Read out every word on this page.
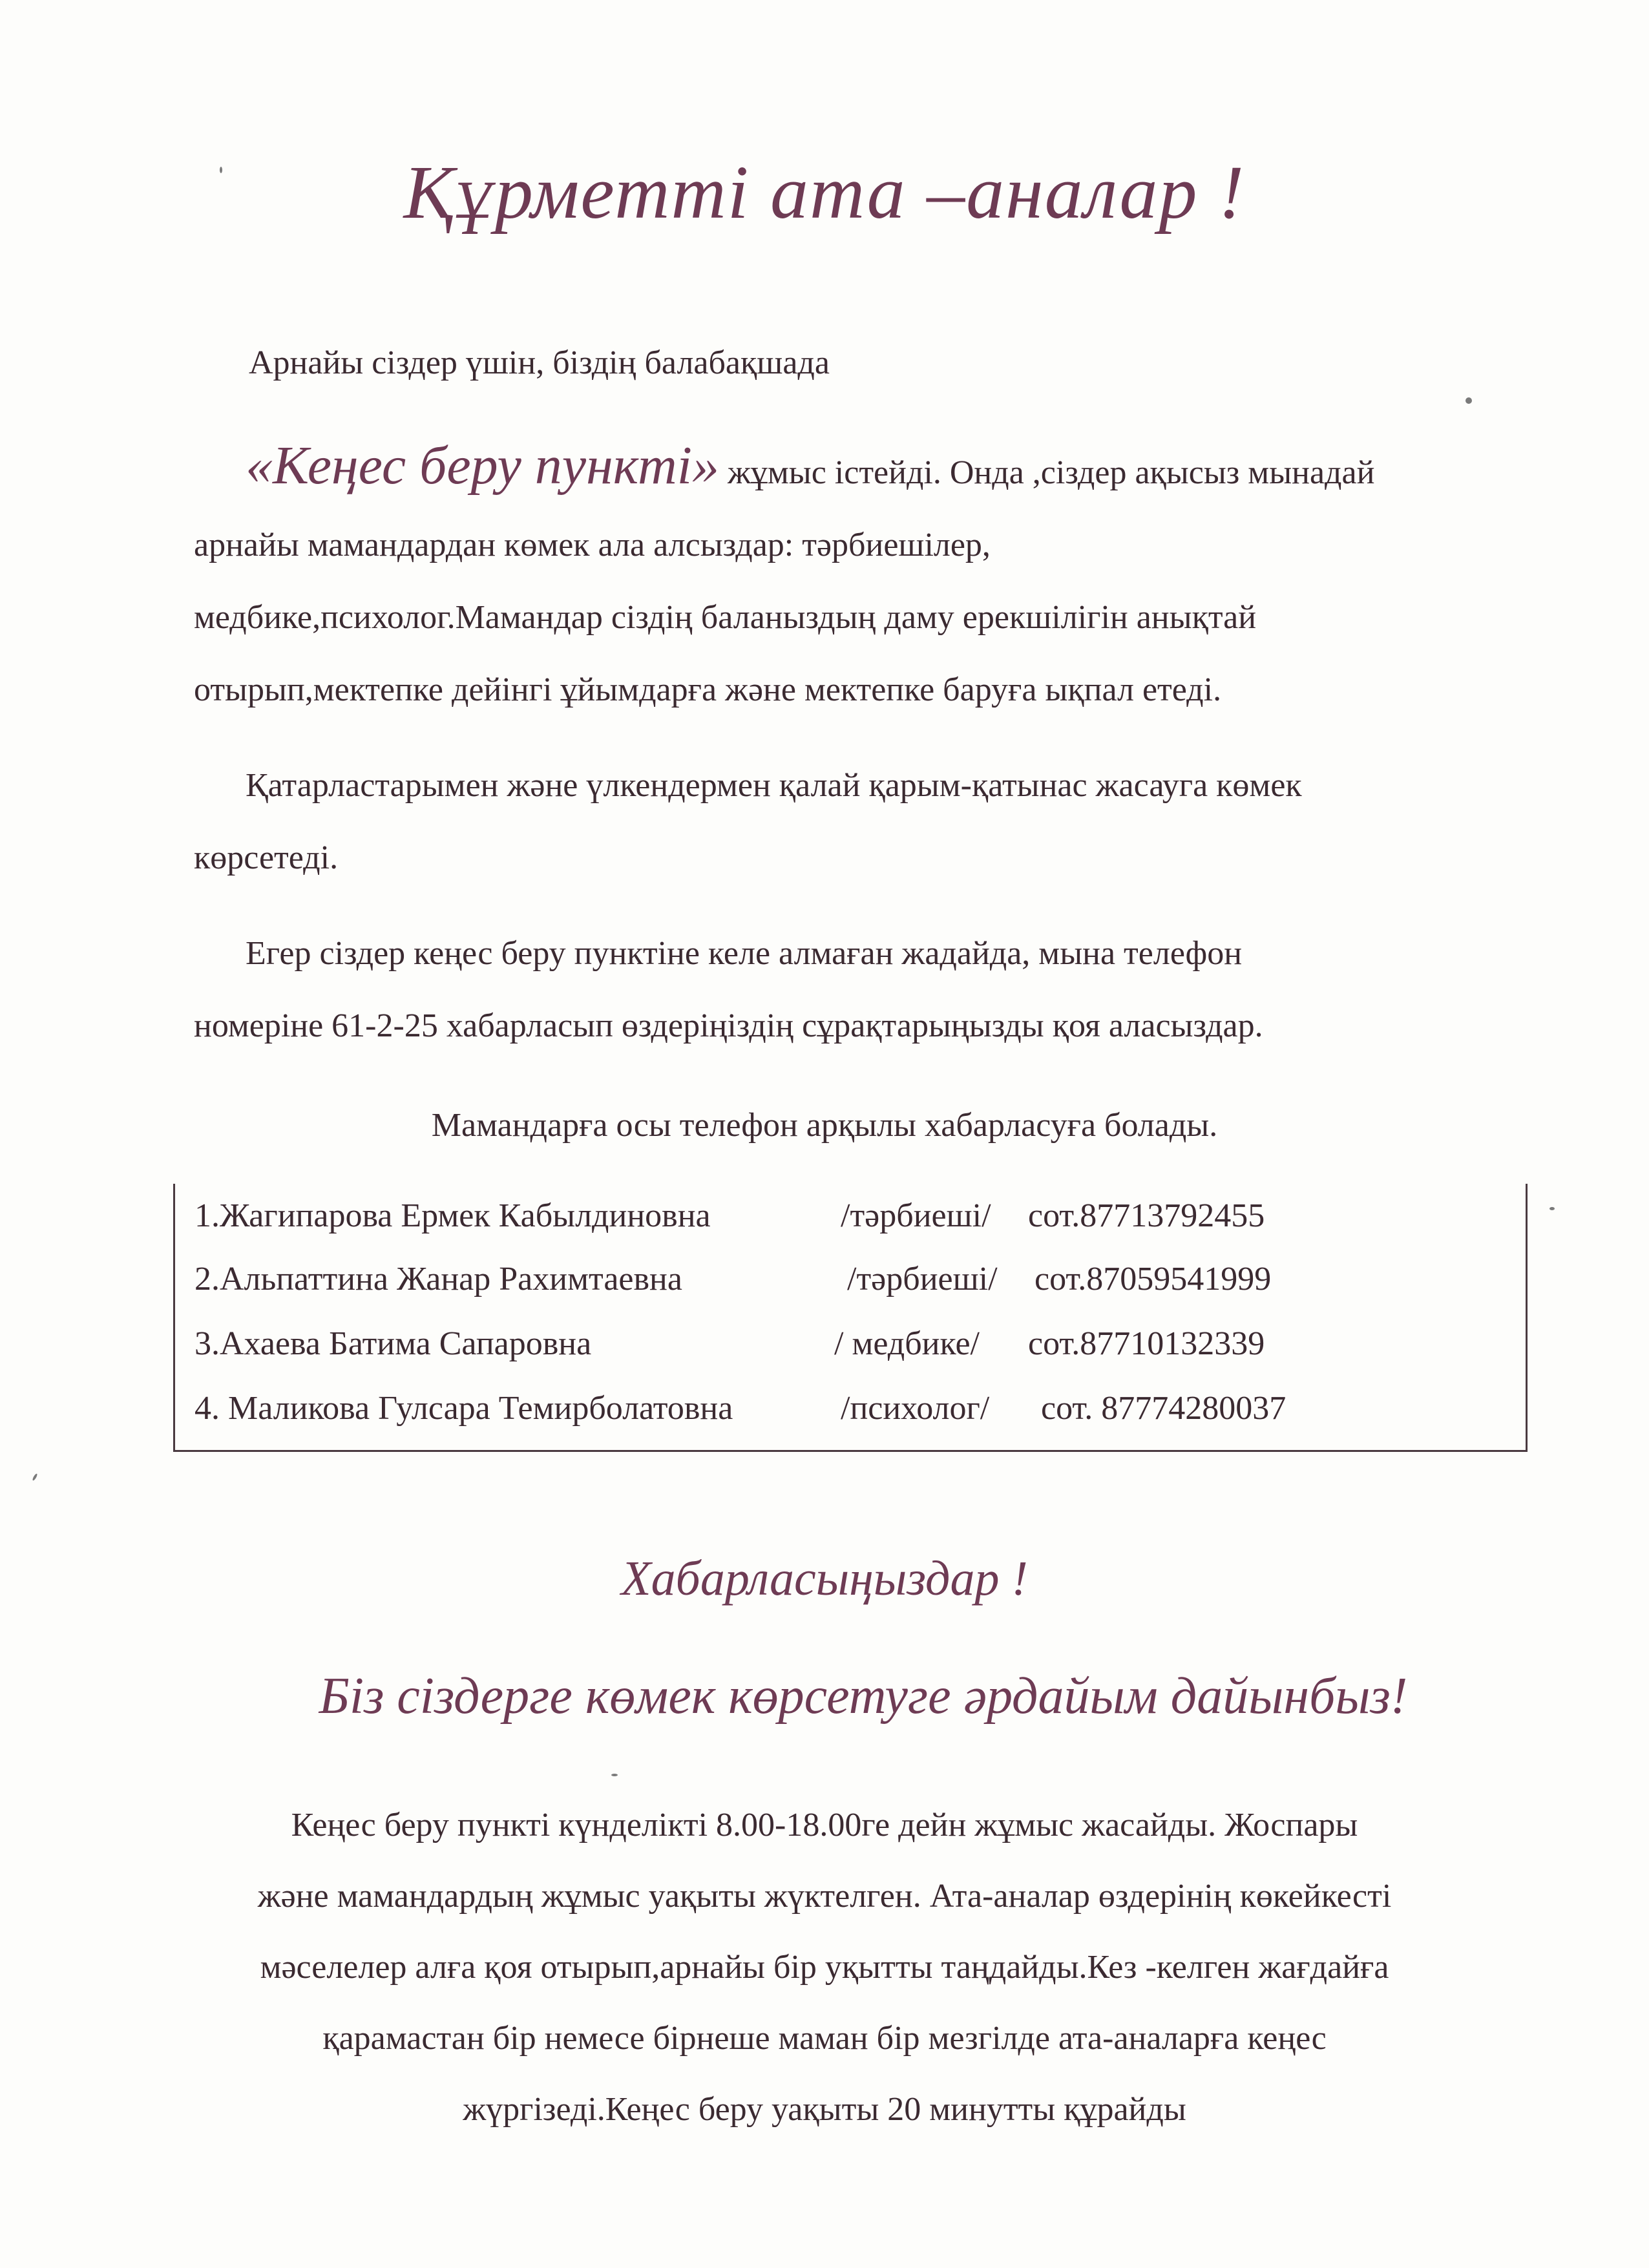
Құрметті ата –аналар !
Арнайы сіздер үшін, біздің балабақшада
«Кеңес беру пункті» жұмыс істейді. Онда ,сіздер ақысыз мынадай
арнайы мамандардан көмек ала алсыздар: тәрбиешілер,
медбике,психолог.Мамандар сіздің баланыздың даму ерекшілігін анықтай
отырып,мектепке дейінгі ұйымдарға және мектепке баруға ықпал етеді.
Қатарластарымен және үлкендермен қалай қарым-қатынас жасауга көмек
көрсетеді.
Егер сіздер кеңес беру пунктіне келе алмаған жадайда, мына телефон
номеріне 61-2-25 хабарласып өздеріңіздің сұрақтарыңызды қоя аласыздар.
Мамандарға осы телефон арқылы хабарласуға болады.
1.Жагипарова Ермек Кабылдиновна	/тәрбиеші/ сот.87713792455
2.Альпаттина Жанар Рахимтаевна	/тәрбиеші/ сот.87059541999
3.Ахаева Батима Сапаровна	/ медбике/ сот.87710132339
4. Маликова Гулсара Темирболатовна	/психолог/ сот. 87774280037
Хабарласыңыздар !
Біз сіздерге көмек көрсетуге әрдайым дайынбыз!
Кеңес беру пункті күнделікті 8.00-18.00ге дейн жұмыс жасайды. Жоспары
және мамандардың жұмыс уақыты жүктелген. Ата-аналар өздерінің көкейкесті
мәселелер алға қоя отырып,арнайы бір уқытты таңдайды.Кез -келген жағдайға
қарамастан бір немесе бірнеше маман бір мезгілде ата-аналарға кеңес
жүргізеді.Кеңес беру уақыты 20 минутты құрайды
